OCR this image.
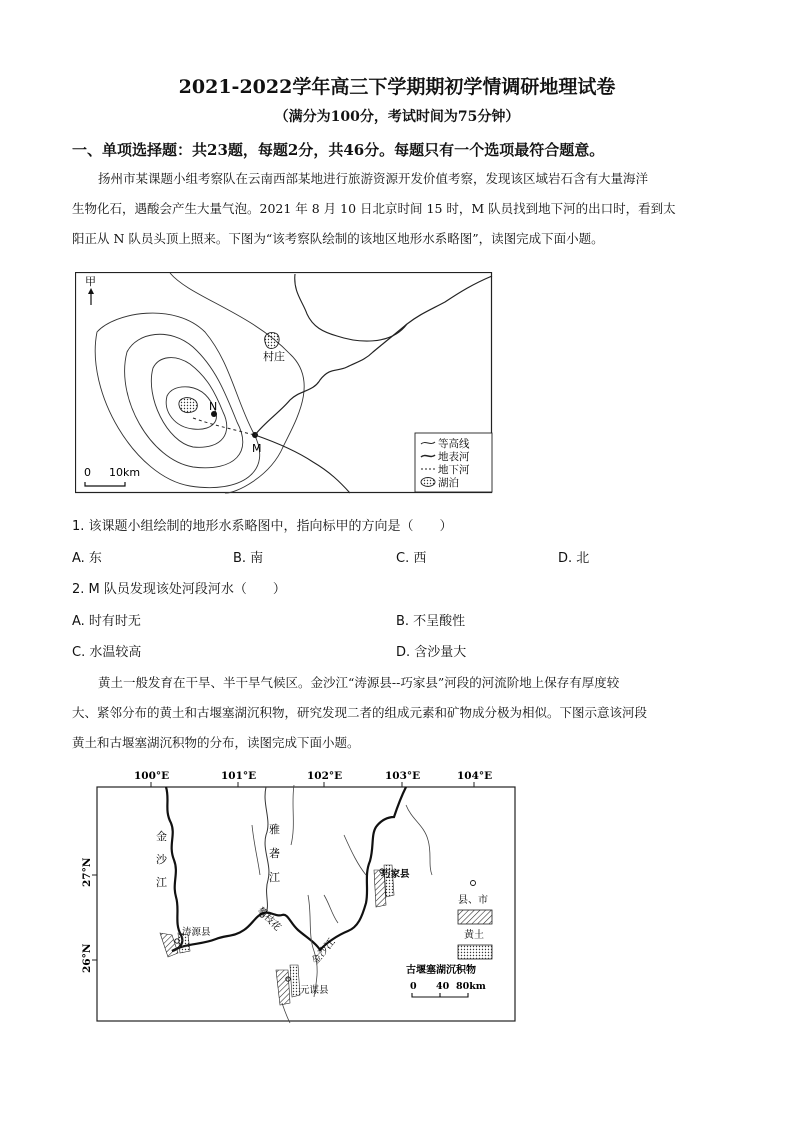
2021-2022学年高三下学期期初学情调研地理试卷
（满分为100分，考试时间为75分钟）
一、单项选择题：共23题，每题2分，共46分。每题只有一个选项最符合题意。
扬州市某课题小组考察队在云南西部某地进行旅游资源开发价值考察，发现该区域岩石含有大量海洋
生物化石，遇酸会产生大量气泡。2021 年 8 月 10 日北京时间 15 时，M 队员找到地下河的出口时，看到太
阳正从 N 队员头顶上照来。下图为“该考察队绘制的该地区地形水系略图”，读图完成下面小题。
村庄
N
M
甲
0 10km
等高线
地表河
地下河
湖泊
1. 该课题小组绘制的地形水系略图中，指向标甲的方向是（　　）
A. 东	B. 南	C. 西	D. 北
2. M 队员发现该处河段河水（　　）
A. 时有时无	B. 不呈酸性
C. 水温较高	D. 含沙量大
黄土一般发育在干旱、半干旱气候区。金沙江“涛源县--巧家县”河段的河流阶地上保存有厚度较
大、紧邻分布的黄土和古堰塞湖沉积物，研究发现二者的组成元素和矿物成分极为相似。下图示意该河段
黄土和古堰塞湖沉积物的分布，读图完成下面小题。
100°E	101°E	102°E	103°E	104°E
27°N
26°N
金
沙
江
雅
砻
江
金沙江
涛源县	攀枝花
元谋县
巧家县
县、市
黄土
古堰塞湖沉积物
0 40 80km
